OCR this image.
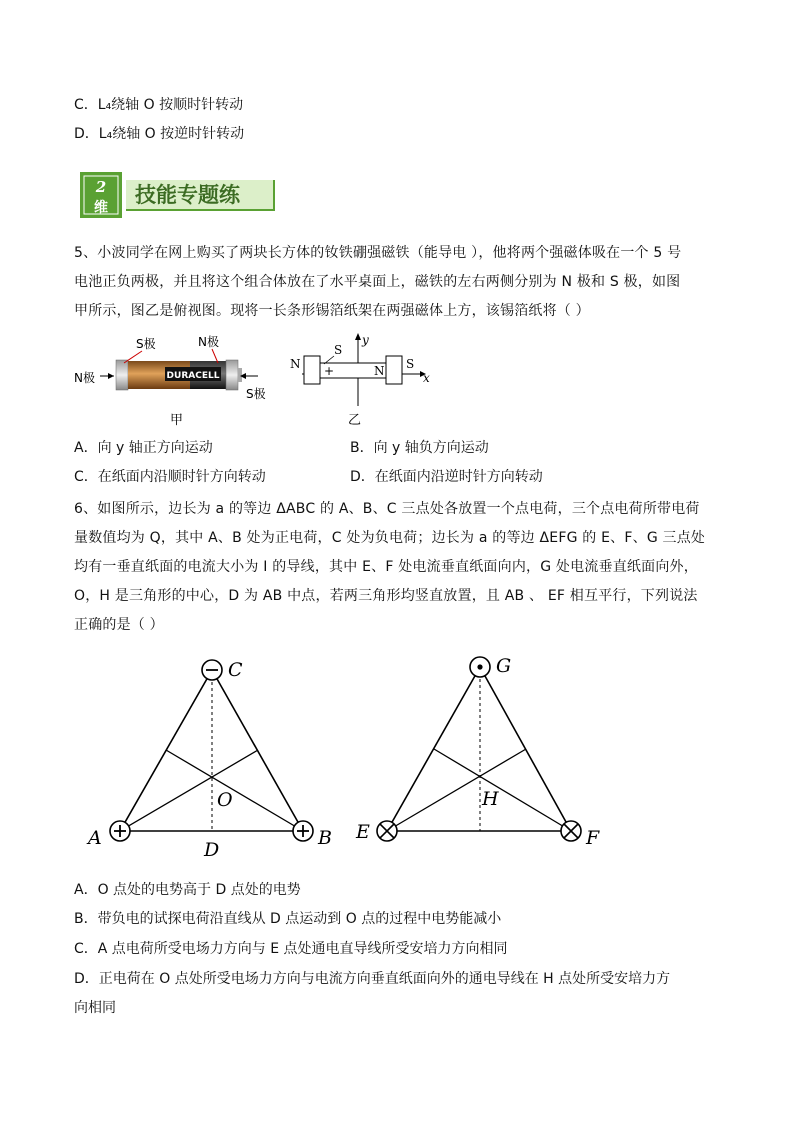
C．L₄绕轴 O 按顺时针转动
D．L₄绕轴 O 按逆时针转动
2
维
技能专题练
5、小波同学在网上购买了两块长方体的钕铁硼强磁铁（能导电 ），他将两个强磁体吸在一个 5 号
电池正负两极，并且将这个组合体放在了水平桌面上，磁铁的左右两侧分别为 N 极和 S 极，如图
甲所示，图乙是俯视图。现将一长条形锡箔纸架在两强磁体上方，该锡箔纸将（ ）
DURACELL
S极	N极
N极
S极
甲
N
S
+	N S
y
x
乙
A．向 y 轴正方向运动	B．向 y 轴负方向运动
C．在纸面内沿顺时针方向转动	D．在纸面内沿逆时针方向转动
6、如图所示，边长为 a 的等边 ΔABC 的 A、B、C 三点处各放置一个点电荷，三个点电荷所带电荷
量数值均为 Q，其中 A、B 处为正电荷，C 处为负电荷；边长为 a 的等边 ΔEFG 的 E、F、G 三点处
均有一垂直纸面的电流大小为 I 的导线，其中 E、F 处电流垂直纸面向内，G 处电流垂直纸面向外，
O，H 是三角形的中心，D 为 AB 中点，若两三角形均竖直放置，且 AB 、 EF 相互平行，下列说法
正确的是（ ）
C
A	B
O
D
G
E	F
H
A．O 点处的电势高于 D 点处的电势
B．带负电的试探电荷沿直线从 D 点运动到 O 点的过程中电势能减小
C．A 点电荷所受电场力方向与 E 点处通电直导线所受安培力方向相同
D．正电荷在 O 点处所受电场力方向与电流方向垂直纸面向外的通电导线在 H 点处所受安培力方
向相同
